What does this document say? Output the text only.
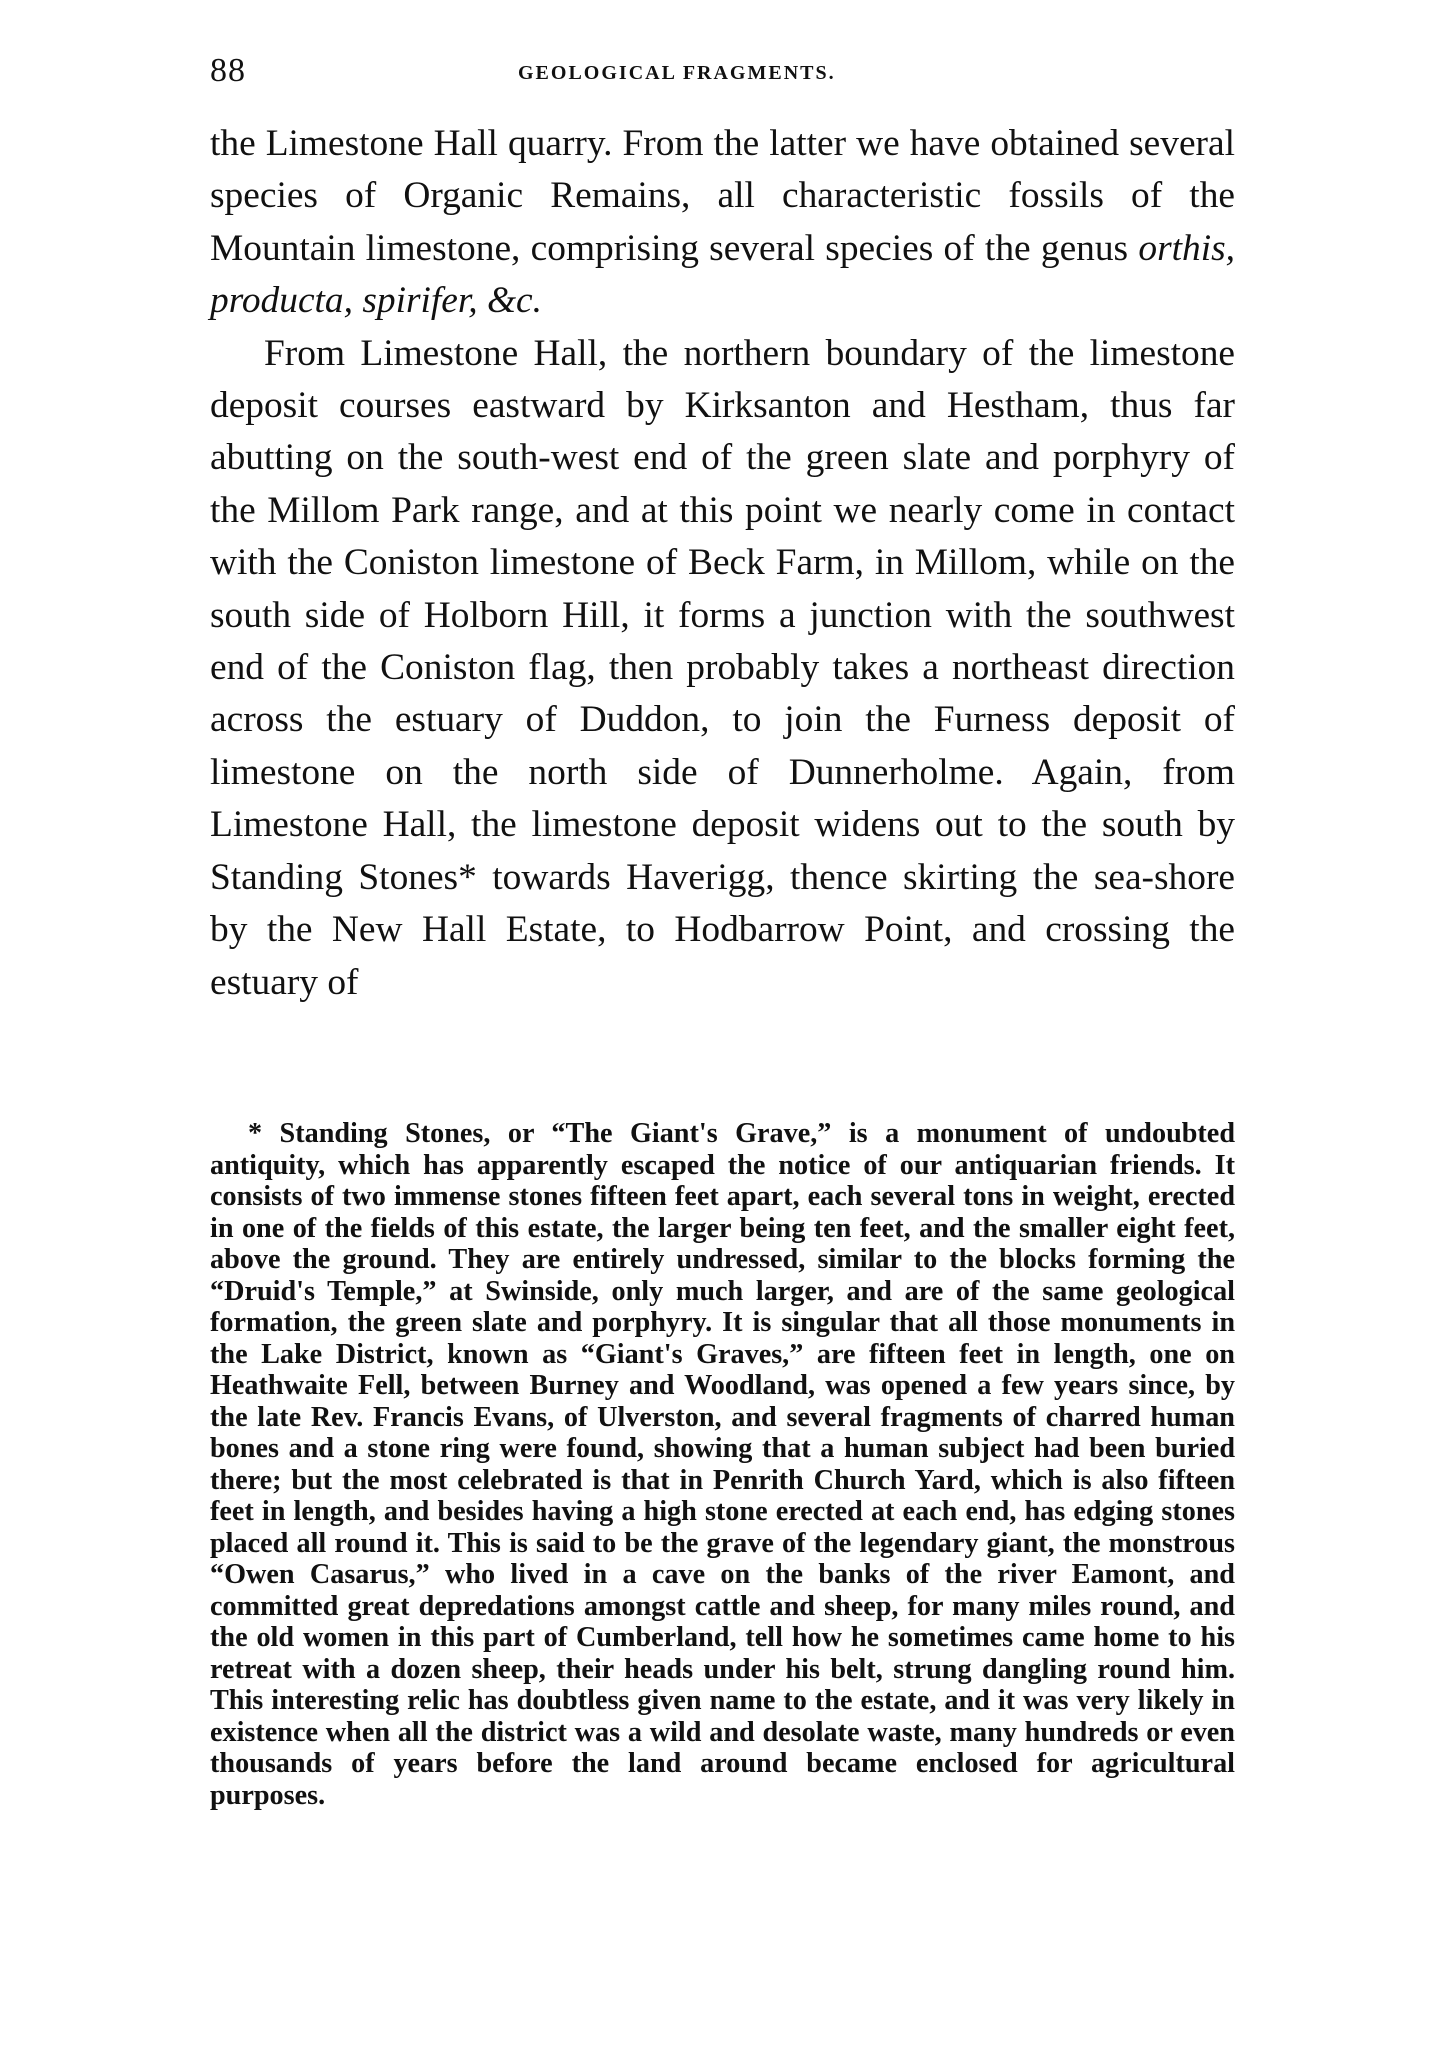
88	GEOLOGICAL FRAGMENTS.

the Limestone Hall quarry. From the latter we have obtained several species of Organic Remains, all characteristic fossils of the Mountain limestone, comprising several species of the genus orthis, producta, spirifer, &c.

From Limestone Hall, the northern boundary of the limestone deposit courses eastward by Kirksanton and Hestham, thus far abutting on the south-west end of the green slate and porphyry of the Millom Park range, and at this point we nearly come in contact with the Coniston limestone of Beck Farm, in Millom, while on the south side of Holborn Hill, it forms a junction with the southwest end of the Coniston flag, then probably takes a northeast direction across the estuary of Duddon, to join the Furness deposit of limestone on the north side of Dunnerholme. Again, from Limestone Hall, the limestone deposit widens out to the south by Standing Stones* towards Haverigg, thence skirting the sea-shore by the New Hall Estate, to Hodbarrow Point, and crossing the estuary of

* Standing Stones, or “The Giant's Grave,” is a monument of undoubted antiquity, which has apparently escaped the notice of our antiquarian friends. It consists of two immense stones fifteen feet apart, each several tons in weight, erected in one of the fields of this estate, the larger being ten feet, and the smaller eight feet, above the ground. They are entirely undressed, similar to the blocks forming the “Druid's Temple,” at Swinside, only much larger, and are of the same geological formation, the green slate and porphyry. It is singular that all those monuments in the Lake District, known as “Giant's Graves,” are fifteen feet in length, one on Heathwaite Fell, between Burney and Woodland, was opened a few years since, by the late Rev. Francis Evans, of Ulverston, and several fragments of charred human bones and a stone ring were found, showing that a human subject had been buried there; but the most celebrated is that in Penrith Church Yard, which is also fifteen feet in length, and besides having a high stone erected at each end, has edging stones placed all round it. This is said to be the grave of the legendary giant, the monstrous “Owen Casarus,” who lived in a cave on the banks of the river Eamont, and committed great depredations amongst cattle and sheep, for many miles round, and the old women in this part of Cumberland, tell how he sometimes came home to his retreat with a dozen sheep, their heads under his belt, strung dangling round him. This interesting relic has doubtless given name to the estate, and it was very likely in existence when all the district was a wild and desolate waste, many hundreds or even thousands of years before the land around became enclosed for agricultural purposes.
